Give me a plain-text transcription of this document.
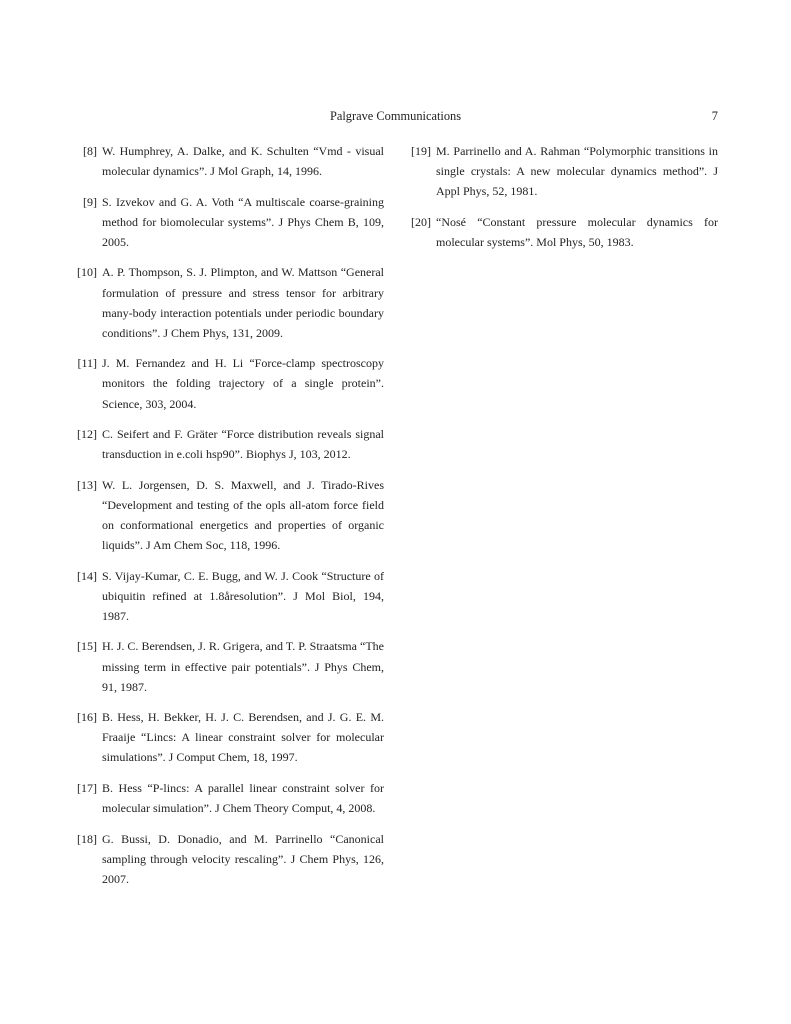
Palgrave Communications	7
[8] W. Humphrey, A. Dalke, and K. Schulten “Vmd - visual molecular dynamics”. J Mol Graph, 14, 1996.
[9] S. Izvekov and G. A. Voth “A multiscale coarse-graining method for biomolecular systems”. J Phys Chem B, 109, 2005.
[10] A. P. Thompson, S. J. Plimpton, and W. Mattson “General formulation of pressure and stress tensor for arbitrary many-body interaction potentials under periodic boundary conditions”. J Chem Phys, 131, 2009.
[11] J. M. Fernandez and H. Li “Force-clamp spectroscopy monitors the folding trajectory of a single protein”. Science, 303, 2004.
[12] C. Seifert and F. Gräter “Force distribution reveals signal transduction in e.coli hsp90”. Biophys J, 103, 2012.
[13] W. L. Jorgensen, D. S. Maxwell, and J. Tirado-Rives “Development and testing of the opls all-atom force field on conformational energetics and properties of organic liquids”. J Am Chem Soc, 118, 1996.
[14] S. Vijay-Kumar, C. E. Bugg, and W. J. Cook “Structure of ubiquitin refined at 1.8åresolution”. J Mol Biol, 194, 1987.
[15] H. J. C. Berendsen, J. R. Grigera, and T. P. Straatsma “The missing term in effective pair potentials”. J Phys Chem, 91, 1987.
[16] B. Hess, H. Bekker, H. J. C. Berendsen, and J. G. E. M. Fraaije “Lincs: A linear constraint solver for molecular simulations”. J Comput Chem, 18, 1997.
[17] B. Hess “P-lincs: A parallel linear constraint solver for molecular simulation”. J Chem Theory Comput, 4, 2008.
[18] G. Bussi, D. Donadio, and M. Parrinello “Canonical sampling through velocity rescaling”. J Chem Phys, 126, 2007.
[19] M. Parrinello and A. Rahman “Polymorphic transitions in single crystals: A new molecular dynamics method”. J Appl Phys, 52, 1981.
[20] “Nosé “Constant pressure molecular dynamics for molecular systems”. Mol Phys, 50, 1983.
